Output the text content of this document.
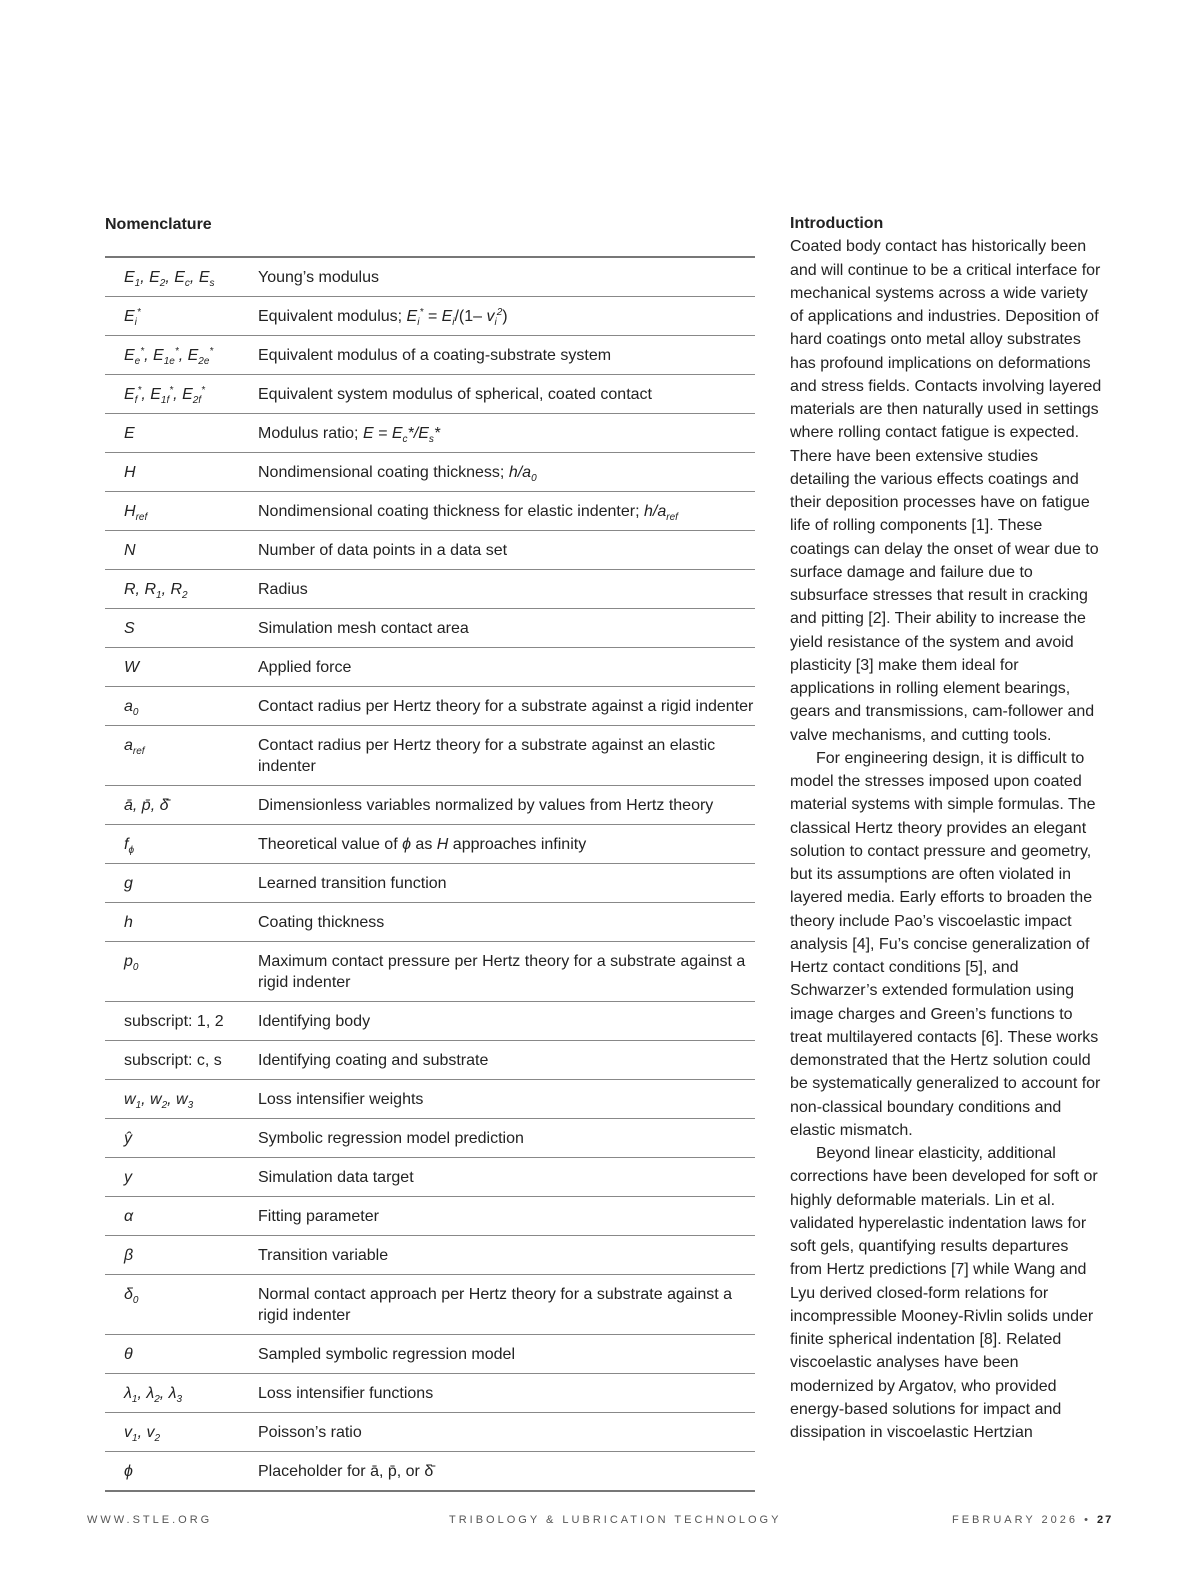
Nomenclature
$E_1$, $E_2$, $E_c$, $E_s$	Young’s modulus
$E_i^*$	Equivalent modulus; $E_i^* = E_i/(1-$ $v_i^2$)
$E_e^*$, $E_{1e}^*$, $E_{2e}^*$	Equivalent modulus of a coating-substrate system
$E_f^*$, $E_{1f}^*$, $E_{2f}^*$	Equivalent system modulus of spherical, coated contact
E	Modulus ratio; $E = E_c*/E_s*$
H	Nondimensional coating thickness; $h/a_0$
$H_{ref}$	Nondimensional coating thickness for elastic indenter; $h/a_{ref}$
N	Number of data points in a data set
R, $R_1$, $R_2$	Radius
S	Simulation mesh contact area
W	Applied force
$a_0$	Contact radius per Hertz theory for a substrate against a rigid indenter
$a_{ref}$	Contact radius per Hertz theory for a substrate against an elastic indenter
ā, p̄, δ̄	Dimensionless variables normalized by values from Hertz theory
$f_\phi$	Theoretical value of ϕ as H approaches infinity
g	Learned transition function
h	Coating thickness
$p_0$	Maximum contact pressure per Hertz theory for a substrate against a rigid indenter
subscript: 1, 2	Identifying body
subscript: c, s	Identifying coating and substrate
$w_1$, $w_2$, $w_3$	Loss intensifier weights
ŷ	Symbolic regression model prediction
y	Simulation data target
α	Fitting parameter
β	Transition variable
$\delta_0$	Normal contact approach per Hertz theory for a substrate against a rigid indenter
θ	Sampled symbolic regression model
$\lambda_1$, $\lambda_2$, $\lambda_3$	Loss intensifier functions
$v_1$, $v_2$	Poisson’s ratio
ϕ	Placeholder for ā, p̄, or δ̄
Introduction

Coated body contact has historically been and will continue to be a critical interface for mechanical systems across a wide variety of applications and industries. Deposition of hard coatings onto metal alloy substrates has profound implications on deformations and stress fields. Contacts involving layered materials are then naturally used in settings where rolling contact fatigue is expected. There have been extensive studies detailing the various effects coatings and their deposition processes have on fatigue life of rolling components [1]. These coatings can delay the onset of wear due to surface damage and failure due to subsurface stresses that result in cracking and pitting [2]. Their ability to increase the yield resistance of the system and avoid plasticity [3] make them ideal for applications in rolling element bearings, gears and transmissions, cam-follower and valve mechanisms, and cutting tools.

For engineering design, it is difficult to model the stresses imposed upon coated material systems with simple formulas. The classical Hertz theory provides an elegant solution to contact pressure and geometry, but its assumptions are often violated in layered media. Early efforts to broaden the theory include Pao’s viscoelastic impact analysis [4], Fu’s concise generalization of Hertz contact conditions [5], and Schwarzer’s extended formulation using image charges and Green’s functions to treat multilayered contacts [6]. These works demonstrated that the Hertz solution could be systematically generalized to account for non-classical boundary conditions and elastic mismatch.

Beyond linear elasticity, additional corrections have been developed for soft or highly deformable materials. Lin et al. validated hyperelastic indentation laws for soft gels, quantifying results departures from Hertz predictions [7] while Wang and Lyu derived closed-form relations for incompressible Mooney-Rivlin solids under finite spherical indentation [8]. Related viscoelastic analyses have been modernized by Argatov, who provided energy-based solutions for impact and dissipation in viscoelastic Hertzian

WWW.STLE.ORG	TRIBOLOGY & LUBRICATION TECHNOLOGY	FEBRUARY 2026 • 27
